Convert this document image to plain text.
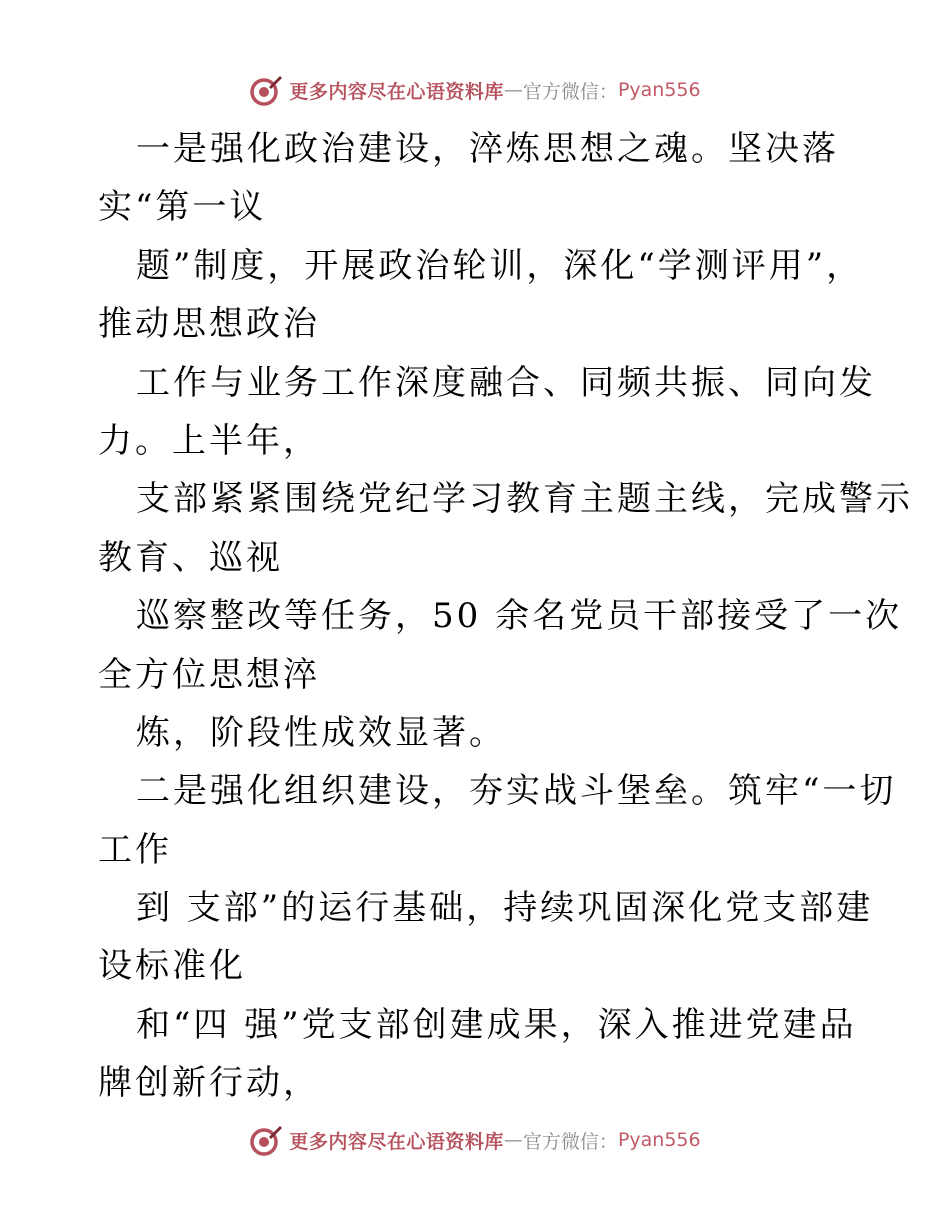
更多内容尽在心语资料库 — 官方微信： Pyan556
一是强化政治建设，淬炼思想之魂。坚决落
实“第一议
题”制度，开展政治轮训，深化“学测评用”，
推动思想政治
工作与业务工作深度融合、同频共振、同向发
力。上半年，
支部紧紧围绕党纪学习教育主题主线，完成警示
教育、巡视
巡察整改等任务，50 余名党员干部接受了一次
全方位思想淬
炼，阶段性成效显著。
二是强化组织建设，夯实战斗堡垒。筑牢“一切
工作
到 支部”的运行基础，持续巩固深化党支部建
设标准化
和“四 强”党支部创建成果，深入推进党建品
牌创新行动，
更多内容尽在心语资料库 — 官方微信： Pyan556
